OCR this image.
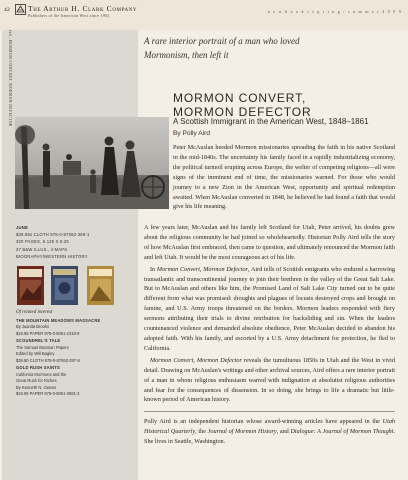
42 The Arthur H. Clark Company
Publishers of the American West since 1902
n e w b o o k s s p r i n g / s u m m e r 2 0 0 9
fall, MORMON CONVERT, MORMON DEFECTOR	A rare interior portrait of a man who loved Mormonism, then left it
MORMON CONVERT,
MORMON DEFECTOR
A Scottish Immigrant in the American West, 1848–1861
By Polly Aird

Peter McAuslan heeded Mormon missionaries spreading the faith in his native Scotland in the mid-1840s. The uncertainty his family faced in a rapidly industrializing economy, the political turmoil erupting across Europe, the welter of competing religions—all were signs of the imminent end of time, the missionaries warned. For those who would journey to a new Zion in the American West, opportunity and spiritual redemption awaited. When McAuslan converted in 1848, he believed he had found a faith that would give his life meaning.

A few years later, McAuslan and his family left Scotland for Utah, Peter arrived, his doubts grew about the religious community he had joined so wholeheartedly. Historian Polly Aird tells the story of how McAuslan first embraced, then came to question, and ultimately renounced the Mormon faith and left Utah. It would be the most courageous act of his life.

In Mormon Convert, Mormon Defector, Aird tells of Scottish emigrants who endured a harrowing transatlantic and transcontinental journey to join their brethren in the valley of the Great Salt Lake. But to McAuslan and others like him, the Promised Land of Salt Lake City turned out to be quite different from what was promised: droughts and plagues of locusts destroyed crops and brought on famine, and U.S. Army troops threatened on the borders. Mormon leaders responded with fiery sermons attributing their trials to divine retribution for backsliding and sin. When the leaders countenanced violence and demanded absolute obedience, Peter McAuslan decided to abandon his adopted faith. With his family, and escorted by a U.S. Army detachment for protection, he fled to California.

Mormon Convert, Mormon Defector reveals the tumultuous 1850s in Utah and the West in vivid detail. Drawing on McAuslan's writings and other archival sources, Aird offers a rare interior portrait of a man in whom religious enthusiasm warred with indignation at absolutist religious authorities and fear for the consequences of dissension. In so doing, she brings to life a dramatic but little-known period of American history.

Polly Aird is an independent historian whose award-winning articles have appeared in the Utah Historical Quarterly, the Journal of Mormon History, and Dialogue: A Journal of Mormon Thought. She lives in Seattle, Washington.

JUNE
$39.95s CLOTH 978-0-87062-369-1
320 PAGES, 6.125 X 9.25
27 B&W ILLUS., 4 MAPS
BIOGRAPHY/WESTERN HISTORY
Of related interest
THE MOUNTAIN MEADOWS MASSACRE
By Juanita Brooks
$19.95 PAPER 978-0-8061-2318-9
SCOUNDREL'S TALE
The Samuel Brannan Papers
Edited by Will Bagley
$39.50 CLOTH 978-0-87062-287-8
GOLD RUSH SAINTS
California Mormons and the
Great Rush for Riches
By Kenneth N. Owens
$19.95 PAPER 978-0-8061-3681-3
